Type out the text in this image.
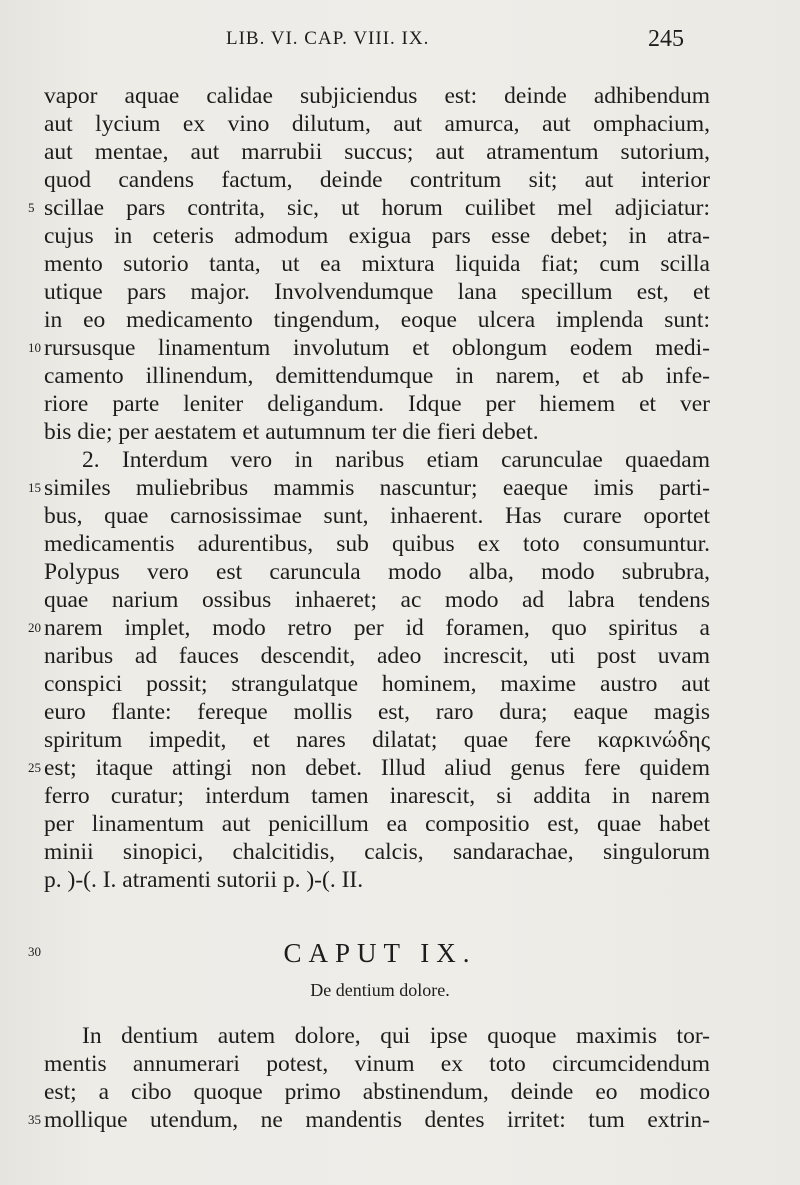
LIB. VI. CAP. VIII. IX.	245
vapor aquae calidae subjiciendus est: deinde adhibendum
aut lycium ex vino dilutum, aut amurca, aut omphacium,
aut mentae, aut marrubii succus; aut atramentum sutorium,
quod candens factum, deinde contritum sit; aut interior
scillae pars contrita, sic, ut horum cuilibet mel adjiciatur:
cujus in ceteris admodum exigua pars esse debet; in atra-
mento sutorio tanta, ut ea mixtura liquida fiat; cum scilla
utique pars major. Involvendumque lana specillum est, et
in eo medicamento tingendum, eoque ulcera implenda sunt:
rursusque linamentum involutum et oblongum eodem medi-
camento illinendum, demittendumque in narem, et ab infe-
riore parte leniter deligandum. Idque per hiemem et ver
bis die; per aestatem et autumnum ter die fieri debet.
2. Interdum vero in naribus etiam carunculae quaedam
similes muliebribus mammis nascuntur; eaeque imis parti-
bus, quae carnosissimae sunt, inhaerent. Has curare oportet
medicamentis adurentibus, sub quibus ex toto consumuntur.
Polypus vero est caruncula modo alba, modo subrubra,
quae narium ossibus inhaeret; ac modo ad labra tendens
narem implet, modo retro per id foramen, quo spiritus a
naribus ad fauces descendit, adeo increscit, uti post uvam
conspici possit; strangulatque hominem, maxime austro aut
euro flante: fereque mollis est, raro dura; eaque magis
spiritum impedit, et nares dilatat; quae fere καρκινώδης
est; itaque attingi non debet. Illud aliud genus fere quidem
ferro curatur; interdum tamen inarescit, si addita in narem
per linamentum aut penicillum ea compositio est, quae habet
minii sinopici, chalcitidis, calcis, sandarachae, singulorum
p. )-(. I. atramenti sutorii p. )-(. II.
5
10
15
20
25
30
35
CAPUT IX.
De dentium dolore.
In dentium autem dolore, qui ipse quoque maximis tor-
mentis annumerari potest, vinum ex toto circumcidendum
est; a cibo quoque primo abstinendum, deinde eo modico
mollique utendum, ne mandentis dentes irritet: tum extrin-
